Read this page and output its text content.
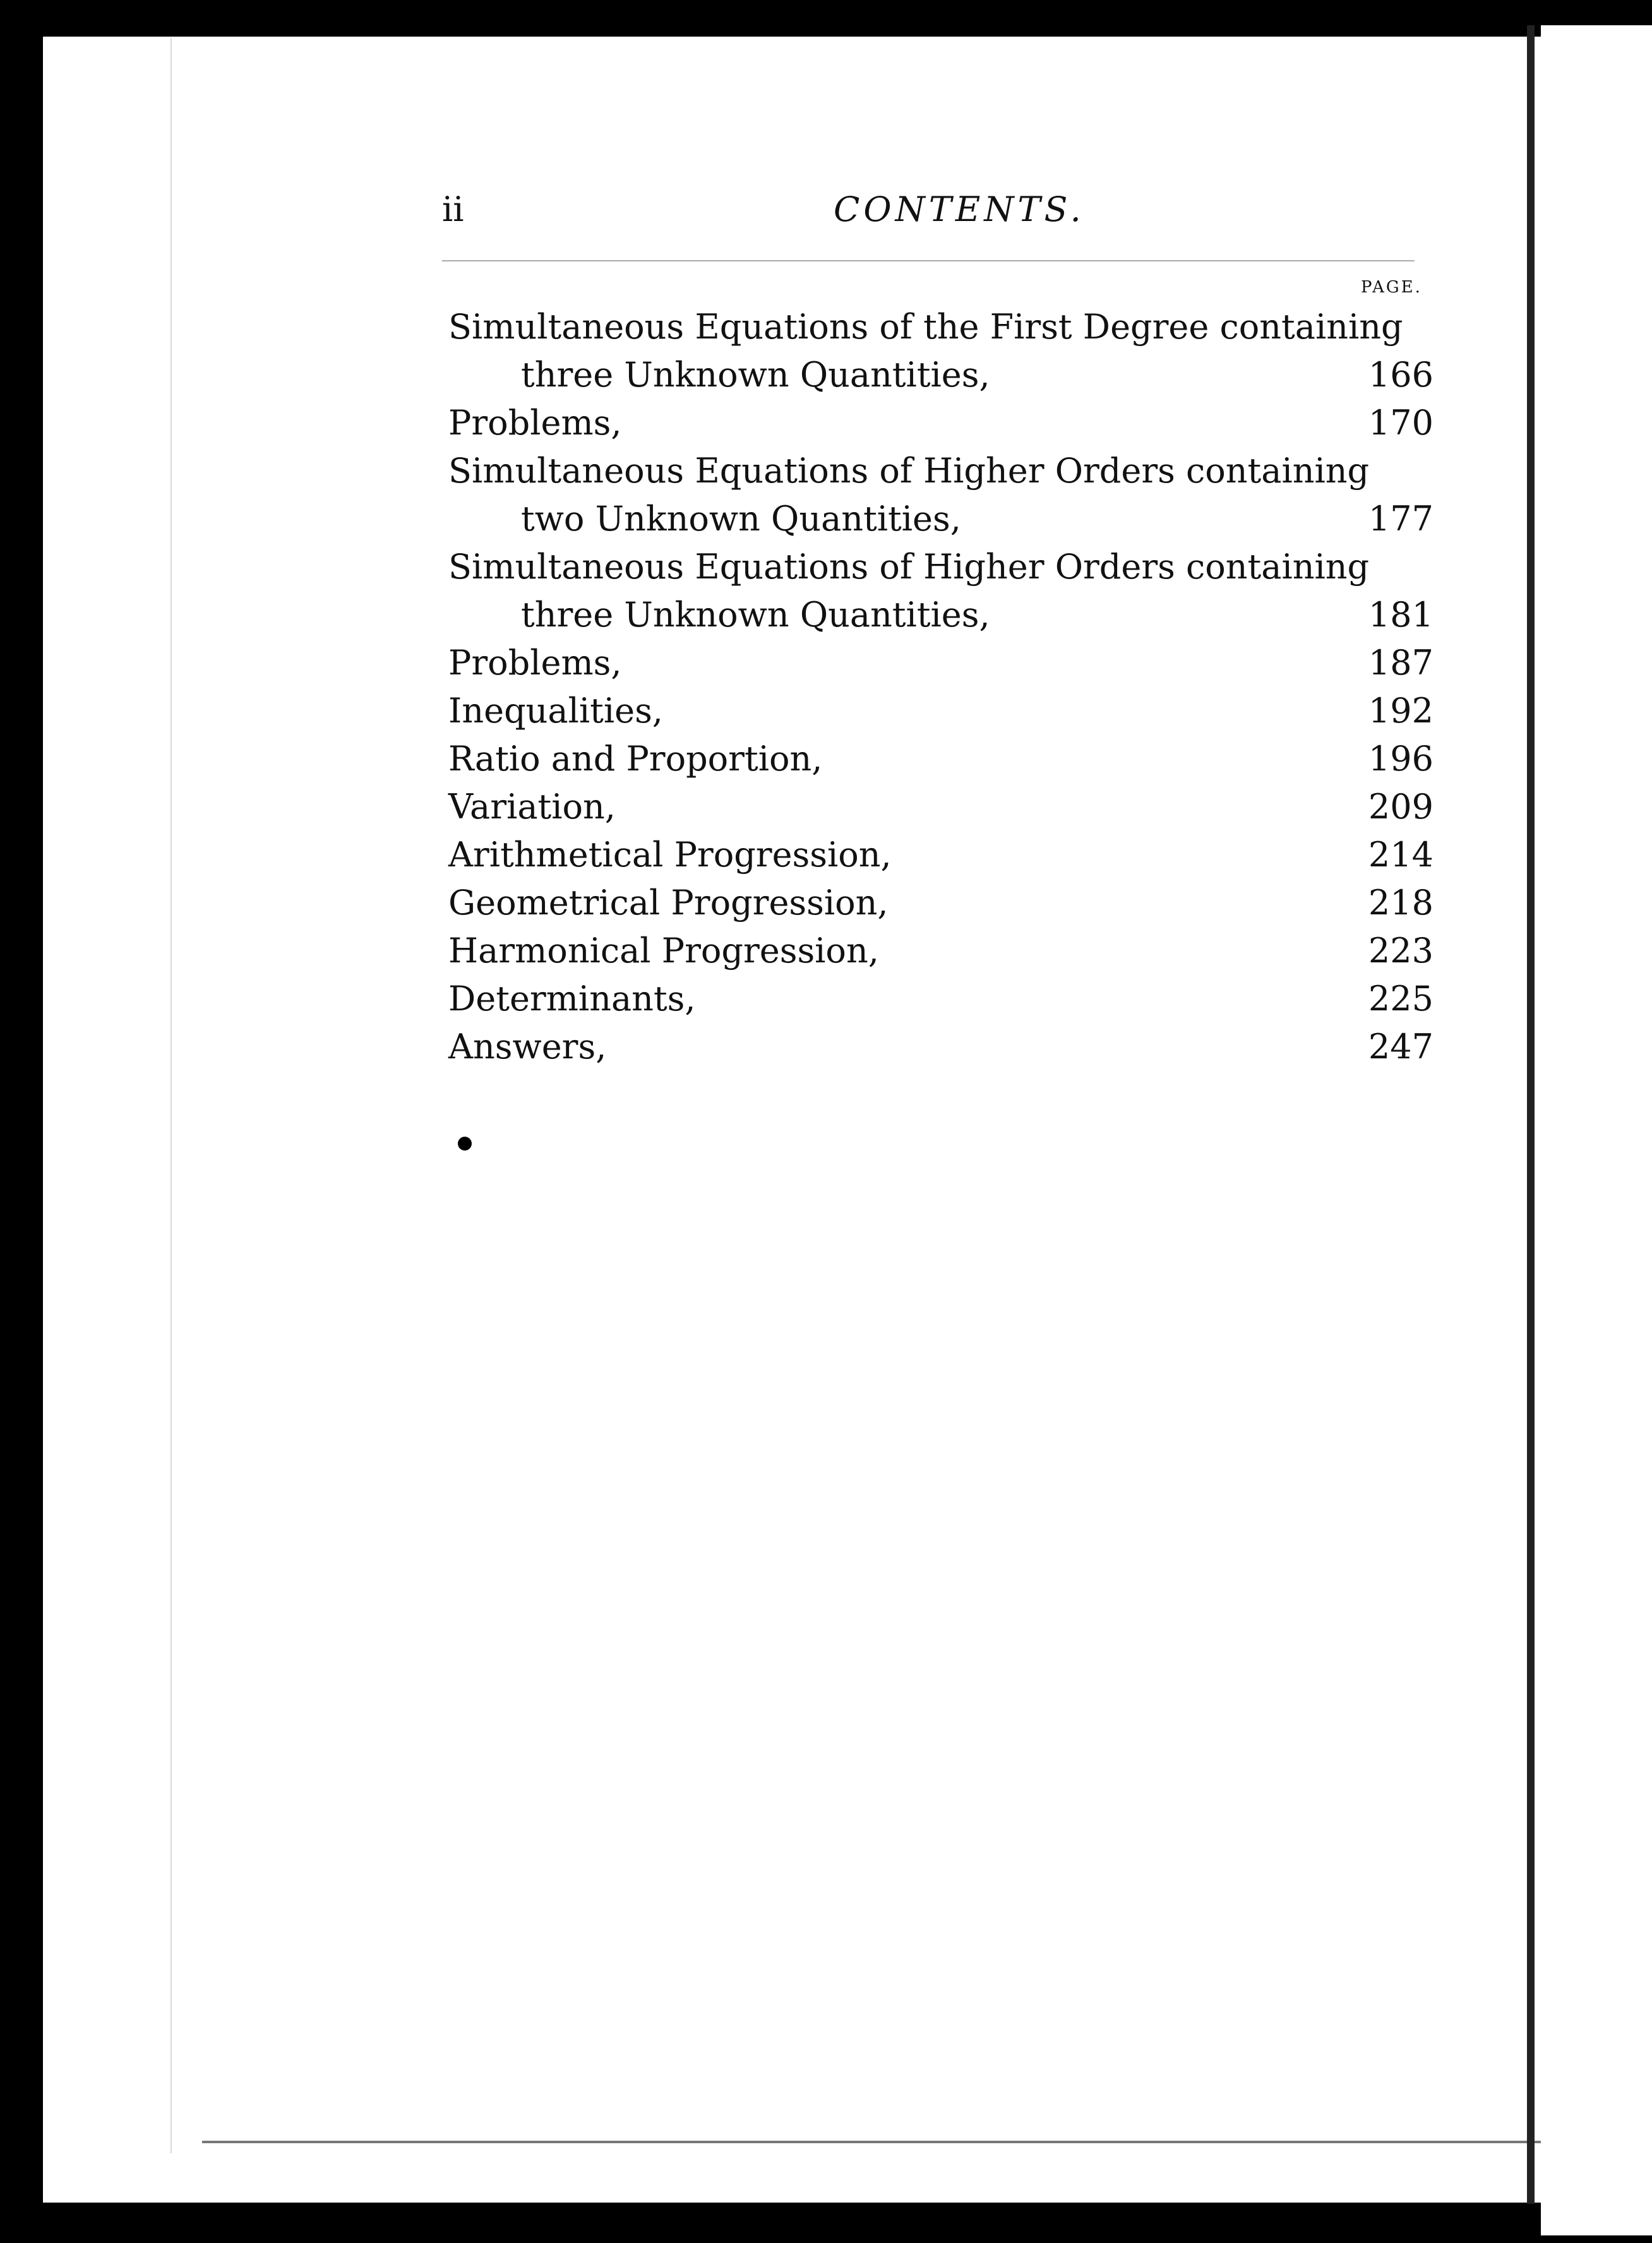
ii	CONTENTS.
PAGE.
Simultaneous Equations of the First Degree containing
three Unknown Quantities,	166
Problems,	170
Simultaneous Equations of Higher Orders containing
two Unknown Quantities,	177
Simultaneous Equations of Higher Orders containing
three Unknown Quantities,	181
Problems,	187
Inequalities,	192
Ratio and Proportion,	196
Variation,	209
Arithmetical Progression,	214
Geometrical Progression,	218
Harmonical Progression,	223
Determinants,	225
Answers,	247
